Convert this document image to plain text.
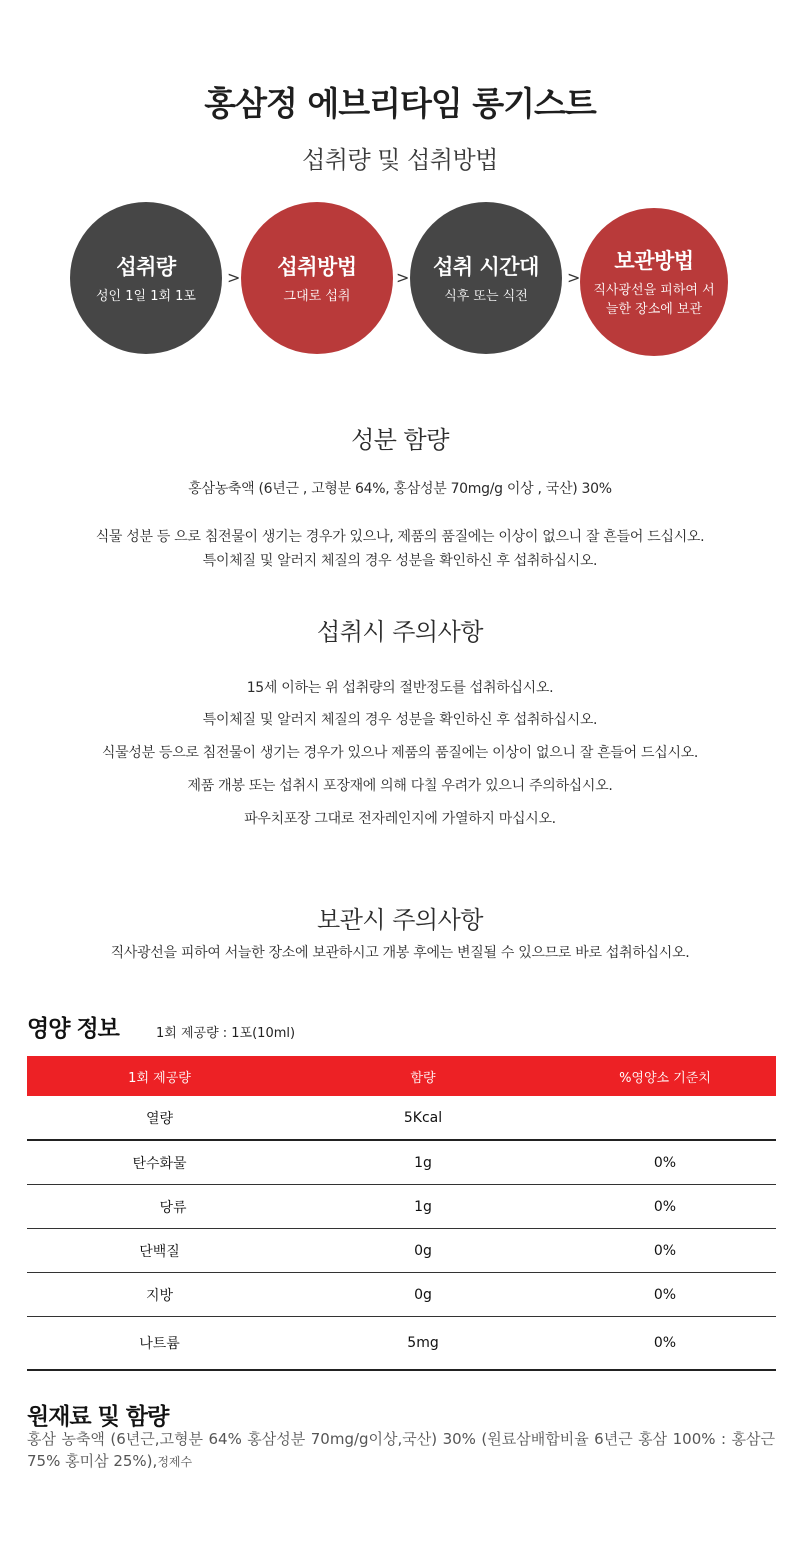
홍삼정 에브리타임 롱기스트
섭취량 및 섭취방법
섭취량
성인 1일 1회 1포
> 섭취방법
그대로 섭취
> 섭취 시간대
식후 또는 식전
>
보관방법
직사광선을 피하여 서늘한 장소에 보관
성분 함량
홍삼농축액 (6년근 , 고형분 64%, 홍삼성분 70mg/g 이상 , 국산) 30%
식물 성분 등 으로 침전물이 생기는 경우가 있으나, 제품의 품질에는 이상이 없으니 잘 흔들어 드십시오.
특이체질 및 알러지 체질의 경우 성분을 확인하신 후 섭취하십시오.
섭취시 주의사항
15세 이하는 위 섭취량의 절반정도를 섭취하십시오.
특이체질 및 알러지 체질의 경우 성분을 확인하신 후 섭취하십시오.
식물성분 등으로 침전물이 생기는 경우가 있으나 제품의 품질에는 이상이 없으니 잘 흔들어 드십시오.
제품 개봉 또는 섭취시 포장재에 의해 다칠 우려가 있으니 주의하십시오.
파우치포장 그대로 전자레인지에 가열하지 마십시오.
보관시 주의사항
직사광선을 피하여 서늘한 장소에 보관하시고 개봉 후에는 변질될 수 있으므로 바로 섭취하십시오.
영양 정보	1회 제공량 : 1포(10ml)
1회 제공량	함량	%영양소 기준치
열량	5Kcal	
탄수화물	1g	0%
당류	1g	0%
단백질	0g	0%
지방	0g	0%
나트륨	5mg	0%
원재료 및 함량
홍삼 농축액 (6년근,고형분 64% 홍삼성분 70mg/g이상,국산) 30% (원료삼배합비율 6년근 홍삼 100% : 홍삼근 75% 홍미삼 25%),정제수
